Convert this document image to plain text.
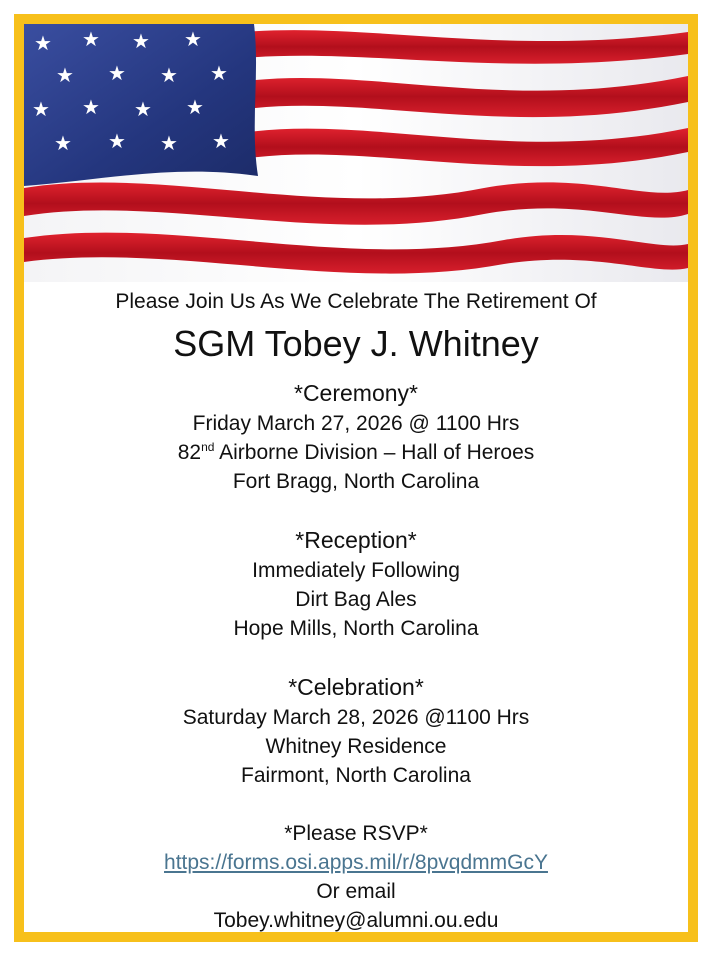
★ ★ ★ ★
★ ★ ★ ★
★ ★ ★ ★
★ ★ ★ ★
Please Join Us As We Celebrate The Retirement Of
SGM Tobey J. Whitney
*Ceremony*
Friday March 27, 2026 @ 1100 Hrs
82nd Airborne Division – Hall of Heroes
Fort Bragg, North Carolina
*Reception*
Immediately Following
Dirt Bag Ales
Hope Mills, North Carolina
*Celebration*
Saturday March 28, 2026 @1100 Hrs
Whitney Residence
Fairmont, North Carolina
*Please RSVP*
https://forms.osi.apps.mil/r/8pvqdmmGcY
Or email
Tobey.whitney@alumni.ou.edu
